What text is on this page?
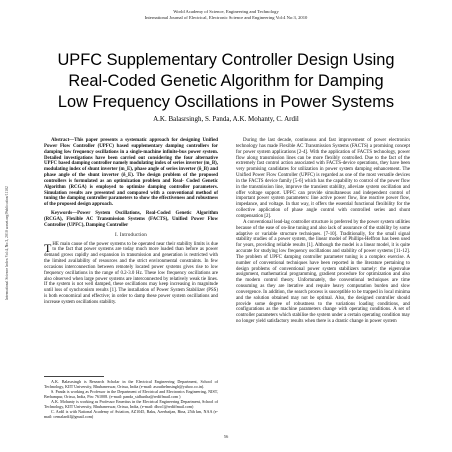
World Academy of Science, Engineering and Technology
International Journal of Electrical, Electronic Science and Engineering Vol:4 No:3, 2010
International Science Index Vol:4, No:3, 2010 waset.org/Publication/11102
UPFC Supplementary Controller Design Using
Real-Coded Genetic Algorithm for Damping
Low Frequency Oscillations in Power Systems
A.K. Balasrsingh, S. Panda, A.K. Mohanty, C. Ardil

Abstract—This paper presents a systematic approach for designing Unified Power Flow Controller (UPFC) based supplementary damping controllers for damping low frequency oscillations in a single-machine infinite-bus power system. Detailed investigations have been carried out considering the four alternative UPFC based damping controller namely modulating index of series inverter (m_B), modulating index of shunt inverter (m_E), phase angle of series inverter (δ_B) and phase angle of the shunt inverter (δ_E). The design problem of the proposed controllers is formulated as an optimization problem and Real- Coded Genetic Algorithm (RCGA) is employed to optimize damping controller parameters. Simulation results are presented and compared with a conventional method of tuning the damping controller parameters to show the effectiveness and robustness of the proposed design approach.

Keywords—Power System Oscillations, Real-Coded Genetic Algorithm (RCGA), Flexible AC Transmission Systems (FACTS), Unified Power Flow Controller (UPFC), Damping Controller

I. Introduction

THE main cause of the power systems to be operated near their stability limits is due to the fact that power systems are today much more loaded than before as power demand grows rapidly and expansion in transmission and generation is restricted with the limited availability of resources and the strict environmental constraints. In few occasions interconnection between remotely located power systems gives rise to low frequency oscillations in the range of 0.2-3.0 Hz. These low frequency oscillations are also observed when large power systems are interconnected by relatively weak tie lines. If the system is not well damped, these oscillations may keep increasing in magnitude until loss of synchronism results [1]. The installation of Power System Stabilizer (PSS) is both economical and effective; in order to damp these power system oscillations and increase system oscillations stability.

A.K. Balasrsingh is Research Scholar in the Electrical Engineering Department, School of Technology, KIIT University, Bhubaneswar, Orissa, India (e-mail: asouthelmsingh@yahoo.co.in).

S. Panda is working as Professor in the Department of Electrical and Electronics Engineering, NIST, Berhampur, Orissa, India, Pin: 761008. (e-mail: panda_sidhartha@rediffmail.com )

A.K. Mohanty is working as Professor Emeritus in the Electrical Engineering Department, School of Technology, KIIT University, Bhubaneswar, Orissa, India, (e-mail: dhro1@rediffmail.com)

C. Ardil is with National Academy of Aviation, AZ1045, Baku, Azerbaijan, Bina, 25th km, NAA (e-mail: cemalardil@gmail.com)

During the last decade, continuous and fast improvement of power electronics technology has made Flexible AC Transmission Systems (FACTS) a promising concept for power system applications [2-4]. With the application of FACTS technology, power flow along transmission lines can be more flexibly controlled. Due to the fact of the extremely fast control action associated with FACTS-device operations, they have been very promising candidates for utilization in power system damping enhancement. The Unified Power Flow Controller (UPFC) is regarded as one of the most versatile devices in the FACTS device family [5-6] which has the capability to control of the power flow in the transmission line, improve the transient stability, alleviate system oscillation and offer voltage support. UPFC can provide simultaneous and independent control of important power system parameters: line active power flow, line reactive power flow, impedance, and voltage. In that way, it offers the essential functional flexibility for the collective application of phase angle control with controlled series and shunt compensation [2].

A conventional lead-lag controller structure is preferred by the power system utilities because of the ease of on-line tuning and also lack of assurance of the stability by some adaptive or variable structure techniques. [7-10]. Traditionally, for the small signal stability studies of a power system, the linear model of Phillips-Heffron has been used for years, providing reliable results [1]. Although the model is a linear model, it is quite accurate for studying low frequency oscillations and stability of power systems [11-12]. The problem of UPFC damping controller parameter tuning is a complex exercise. A number of conventional techniques have been reported in the literature pertaining to design problems of conventional power system stabilizers namely: the eigenvalue assignment, mathematical programming, gradient procedure for optimization and also the modern control theory. Unfortunately, the conventional techniques are time consuming as they are iterative and require heavy computation burden and slow convergence. In addition, the search process is susceptible to be trapped in local minima and the solution obtained may not be optimal. Also, the designed controller should provide some degree of robustness to the variations loading conditions, and configurations as the machine parameters change with operating conditions. A set of controller parameters which stabilise the system under a certain operating condition may no longer yield satisfactory results when there is a drastic change in power system

56
